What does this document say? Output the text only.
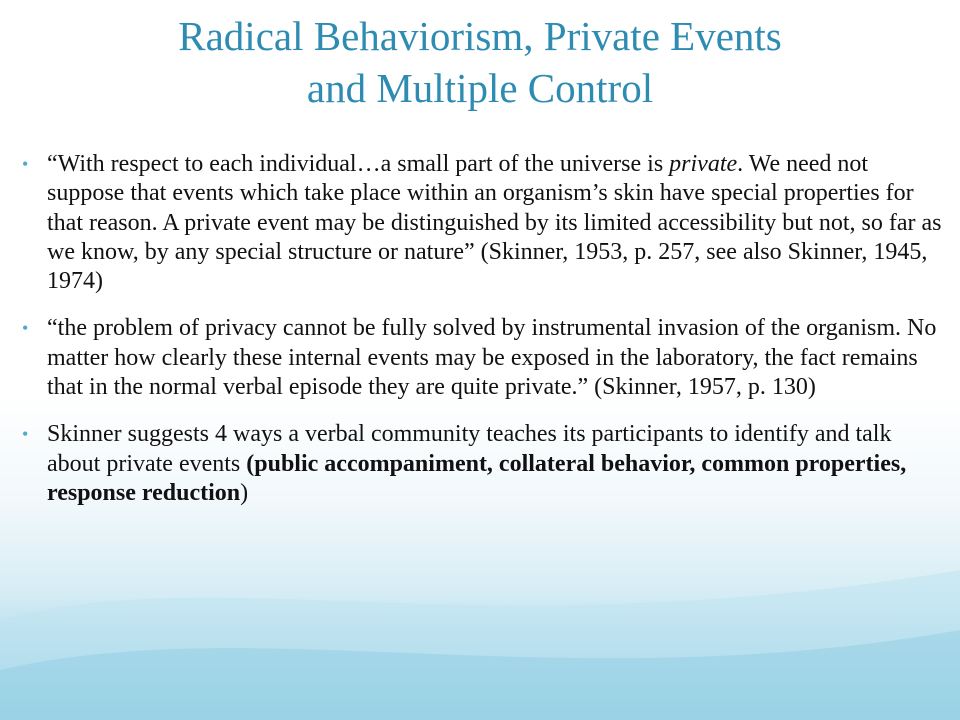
Radical Behaviorism, Private Events
and Multiple Control
• “With respect to each individual…a small part of the universe is private. We need not suppose that events which take place within an organism’s skin have special properties for that reason. A private event may be distinguished by its limited accessibility but not, so far as we know, by any special structure or nature” (Skinner, 1953, p. 257, see also Skinner, 1945, 1974)
• “the problem of privacy cannot be fully solved by instrumental invasion of the organism. No matter how clearly these internal events may be exposed in the laboratory, the fact remains that in the normal verbal episode they are quite private.” (Skinner, 1957, p. 130)
• Skinner suggests 4 ways a verbal community teaches its participants to identify and talk about private events (public accompaniment, collateral behavior, common properties, response reduction)
